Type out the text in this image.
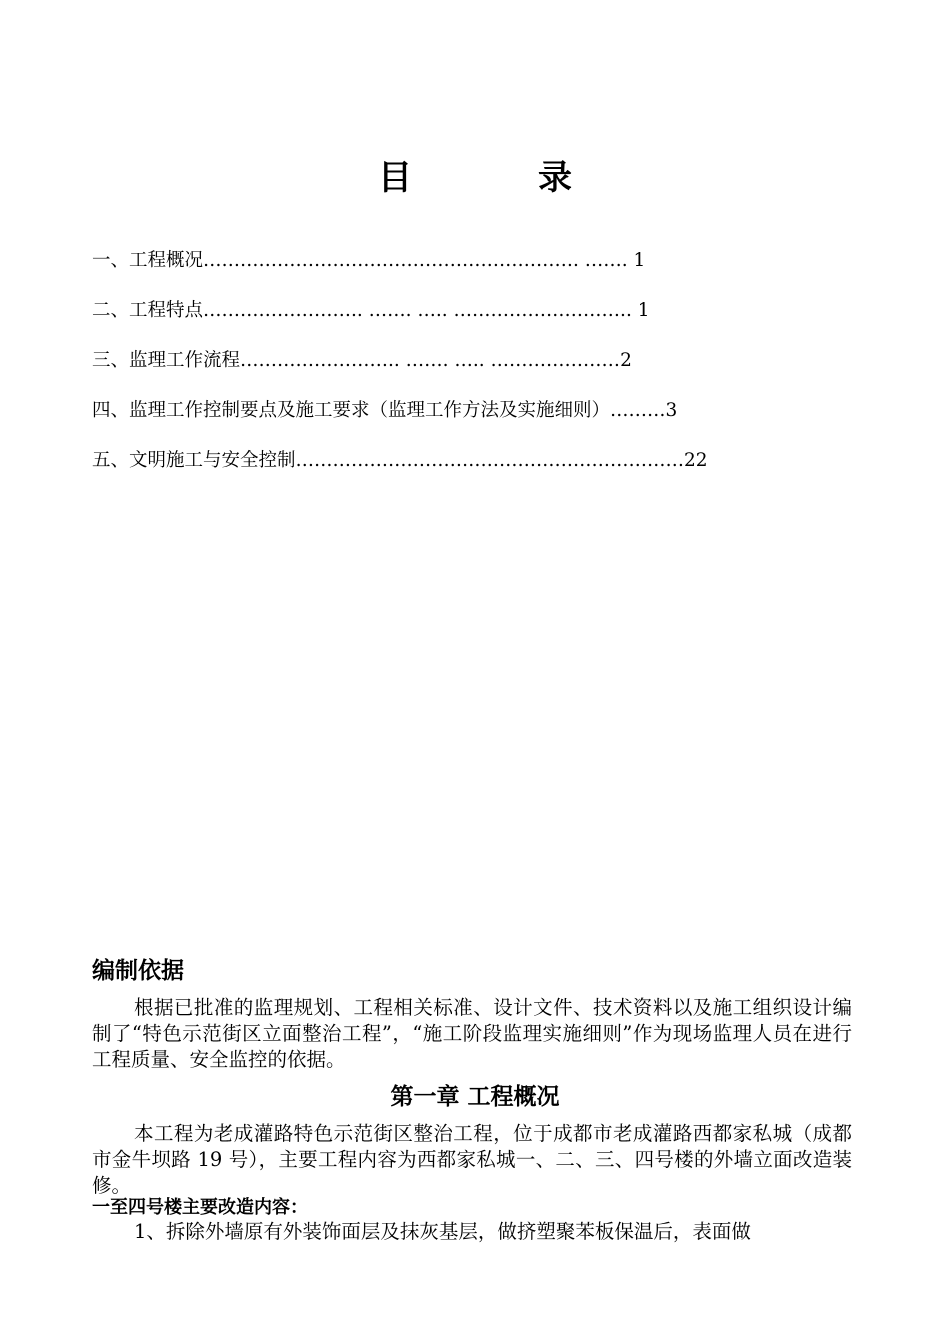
目　录
一、工程概况……………………………………………………. ……. 1
二、工程特点…………………….. ……. ….. ……………………….. 1
三、监理工作流程…………………….. ……. ….. …………………2
四、监理工作控制要点及施工要求（监理工作方法及实施细则）………3
五、文明施工与安全控制………………………………………………………22
编制依据

根据已批准的监理规划、工程相关标准、设计文件、技术资料以及施工组织设计编制了“特色示范街区立面整治工程”，“施工阶段监理实施细则”作为现场监理人员在进行工程质量、安全监控的依据。

第一章 工程概况

本工程为老成灌路特色示范街区整治工程，位于成都市老成灌路西都家私城（成都市金牛坝路 19 号），主要工程内容为西都家私城一、二、三、四号楼的外墙立面改造装修。

一至四号楼主要改造内容：

1、拆除外墙原有外装饰面层及抹灰基层，做挤塑聚苯板保温后，表面做
